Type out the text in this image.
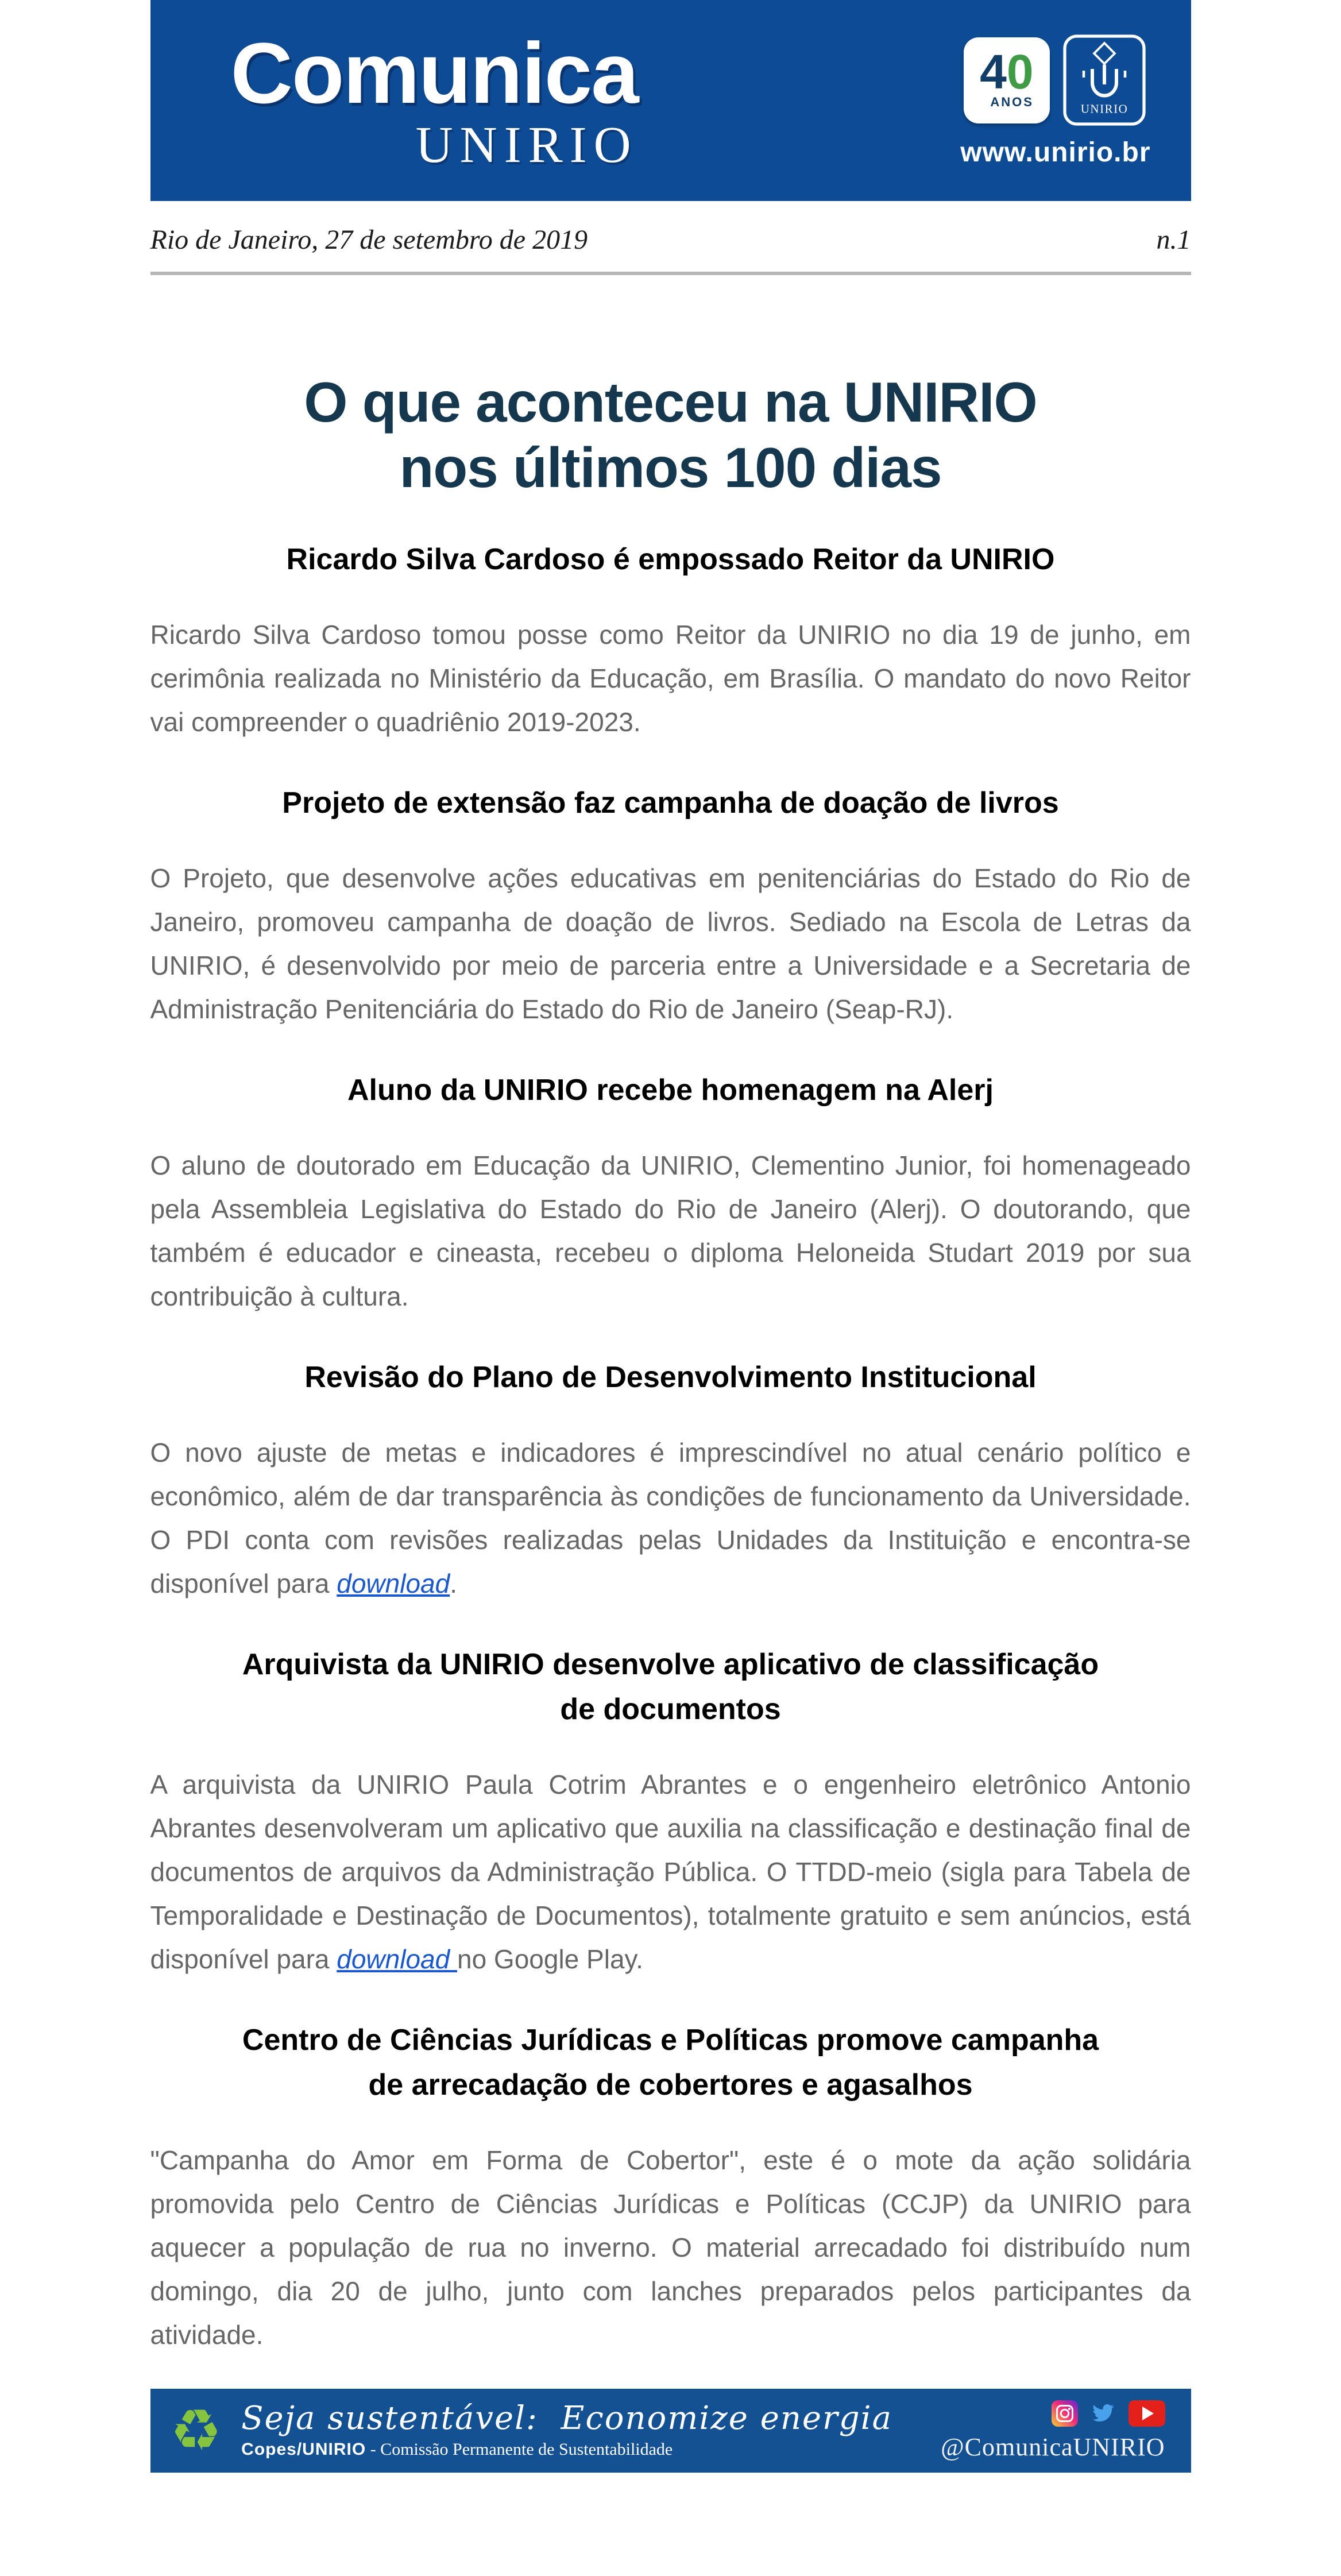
Comunica
UNIRIO
40
ANOS	UNIRIO
www.unirio.br
Rio de Janeiro, 27 de setembro de 2019	n.1
O que aconteceu na UNIRIO
nos últimos 100 dias
Ricardo Silva Cardoso é empossado Reitor da UNIRIO

Ricardo Silva Cardoso tomou posse como Reitor da UNIRIO no dia 19 de junho, em cerimônia realizada no Ministério da Educação, em Brasília. O mandato do novo Reitor vai compreender o quadriênio 2019-2023.

Projeto de extensão faz campanha de doação de livros

O Projeto, que desenvolve ações educativas em penitenciárias do Estado do Rio de Janeiro, promoveu campanha de doação de livros. Sediado na Escola de Letras da UNIRIO, é desenvolvido por meio de parceria entre a Universidade e a Secretaria de Administração Penitenciária do Estado do Rio de Janeiro (Seap-RJ).

Aluno da UNIRIO recebe homenagem na Alerj

O aluno de doutorado em Educação da UNIRIO, Clementino Junior, foi homenageado pela Assembleia Legislativa do Estado do Rio de Janeiro (Alerj). O doutorando, que também é educador e cineasta, recebeu o diploma Heloneida Studart 2019 por sua contribuição à cultura.

Revisão do Plano de Desenvolvimento Institucional

O novo ajuste de metas e indicadores é imprescindível no atual cenário político e econômico, além de dar transparência às condições de funcionamento da Universidade. O PDI conta com revisões realizadas pelas Unidades da Instituição e encontra-se disponível para download.

Arquivista da UNIRIO desenvolve aplicativo de classificação de documentos

A arquivista da UNIRIO Paula Cotrim Abrantes e o engenheiro eletrônico Antonio Abrantes desenvolveram um aplicativo que auxilia na classificação e destinação final de documentos de arquivos da Administração Pública. O TTDD-meio (sigla para Tabela de Temporalidade e Destinação de Documentos), totalmente gratuito e sem anúncios, está disponível para download no Google Play.

Centro de Ciências Jurídicas e Políticas promove campanha de arrecadação de cobertores e agasalhos

"Campanha do Amor em Forma de Cobertor", este é o mote da ação solidária promovida pelo Centro de Ciências Jurídicas e Políticas (CCJP) da UNIRIO para aquecer a população de rua no inverno. O material arrecadado foi distribuído num domingo, dia 20 de julho, junto com lanches preparados pelos participantes da atividade.

♻ Seja sustentável:  Economize energia
Copes/UNIRIO - Comissão Permanente de Sustentabilidade	@ComunicaUNIRIO
